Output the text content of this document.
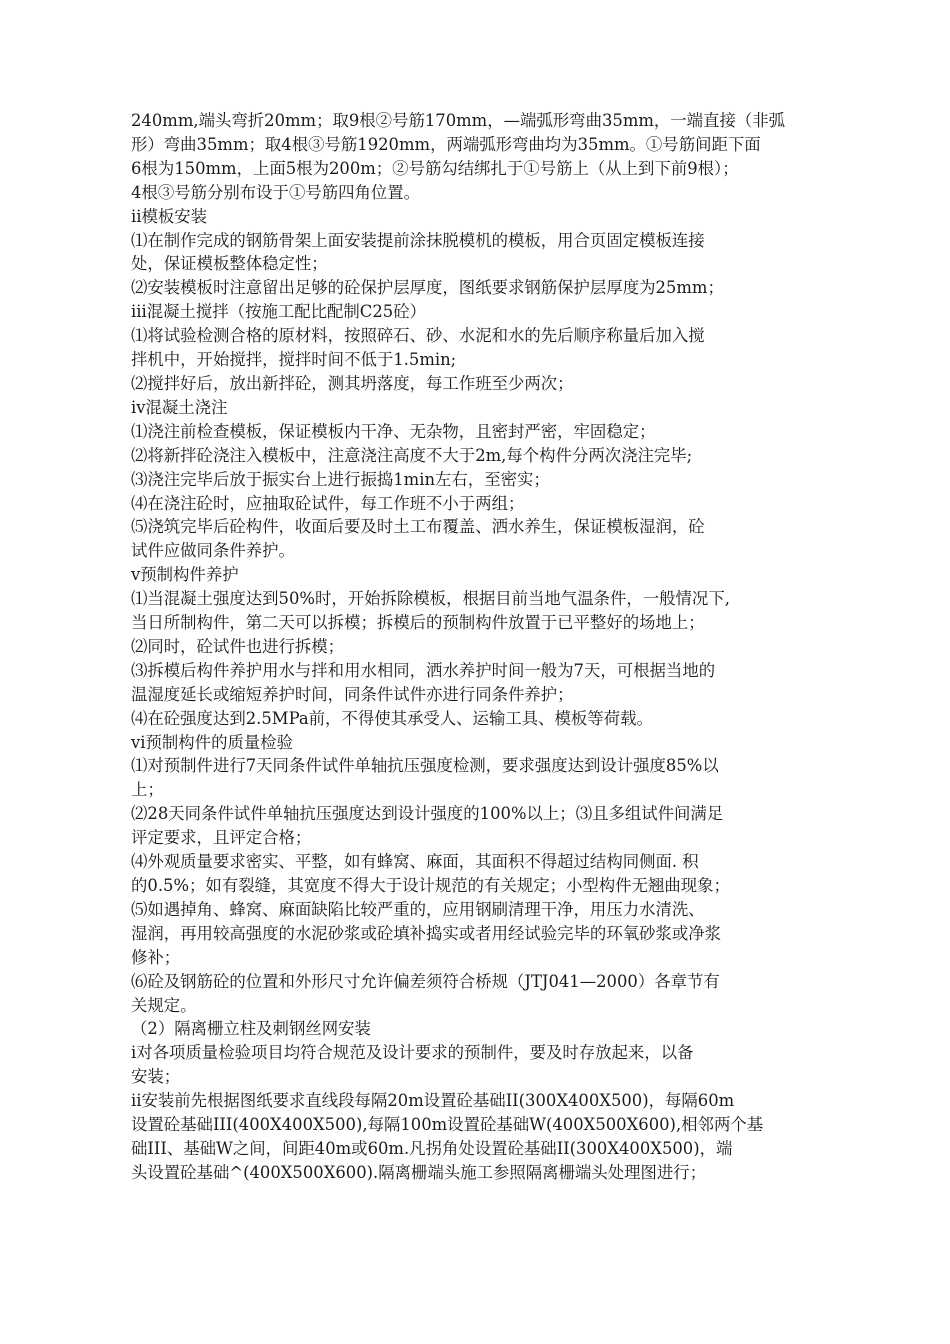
240mm,端头弯折20mm；取9根②号筋170mm，—端弧形弯曲35mm，一端直接（非弧
形）弯曲35mm；取4根③号筋1920mm，两端弧形弯曲均为35mm。①号筋间距下面
6根为150mm，上面5根为200m；②号筋勾结绑扎于①号筋上（从上到下前9根）；
4根③号筋分别布设于①号筋四角位置。
ii模板安装
⑴在制作完成的钢筋骨架上面安装提前涂抹脱模机的模板，用合页固定模板连接
处，保证模板整体稳定性；
⑵安装模板时注意留出足够的砼保护层厚度，图纸要求钢筋保护层厚度为25mm；
iii混凝土搅拌（按施工配比配制C25砼）
⑴将试验检测合格的原材料，按照碎石、砂、水泥和水的先后顺序称量后加入搅
拌机中，开始搅拌，搅拌时间不低于1.5min;
⑵搅拌好后，放出新拌砼，测其坍落度，每工作班至少两次；
iv混凝土浇注
⑴浇注前检查模板，保证模板内干净、无杂物，且密封严密，牢固稳定；
⑵将新拌砼浇注入模板中，注意浇注高度不大于2m,每个构件分两次浇注完毕;
⑶浇注完毕后放于振实台上进行振捣1min左右，至密实；
⑷在浇注砼时，应抽取砼试件，每工作班不小于两组；
⑸浇筑完毕后砼构件，收面后要及时土工布覆盖、洒水养生，保证模板湿润，砼
试件应做同条件养护。
v预制构件养护
⑴当混凝土强度达到50%时，开始拆除模板，根据目前当地气温条件，一般情况下,
当日所制构件，第二天可以拆模；拆模后的预制构件放置于已平整好的场地上；
⑵同时，砼试件也进行拆模；
⑶拆模后构件养护用水与拌和用水相同，洒水养护时间一般为7天，可根据当地的
温湿度延长或缩短养护时间，同条件试件亦进行同条件养护；
⑷在砼强度达到2.5MPa前，不得使其承受人、运输工具、模板等荷载。
vi预制构件的质量检验
⑴对预制件进行7天同条件试件单轴抗压强度检测，要求强度达到设计强度85%以
上；
⑵28天同条件试件单轴抗压强度达到设计强度的100%以上；⑶且多组试件间满足
评定要求，且评定合格；
⑷外观质量要求密实、平整，如有蜂窝、麻面，其面积不得超过结构同侧面. 积
的0.5%；如有裂缝，其宽度不得大于设计规范的有关规定；小型构件无翘曲现象；
⑸如遇掉角、蜂窝、麻面缺陷比较严重的，应用钢刷清理干净，用压力水清洗、
湿润，再用较高强度的水泥砂浆或砼填补捣实或者用经试验完毕的环氧砂浆或净浆
修补；
⑹砼及钢筋砼的位置和外形尺寸允许偏差须符合桥规（JTJ041—2000）各章节有
关规定。
（2）隔离栅立柱及刺钢丝网安装
i对各项质量检验项目均符合规范及设计要求的预制件，要及时存放起来，以备
安装；
ii安装前先根据图纸要求直线段每隔20m设置砼基础II(300X400X500)，每隔60m
设置砼基础III(400X400X500),每隔100m设置砼基础W(400X500X600),相邻两个基
础III、基础W之间，间距40m或60m.凡拐角处设置砼基础II(300X400X500)，端
头设置砼基础^(400X500X600).隔离栅端头施工参照隔离栅端头处理图进行；
